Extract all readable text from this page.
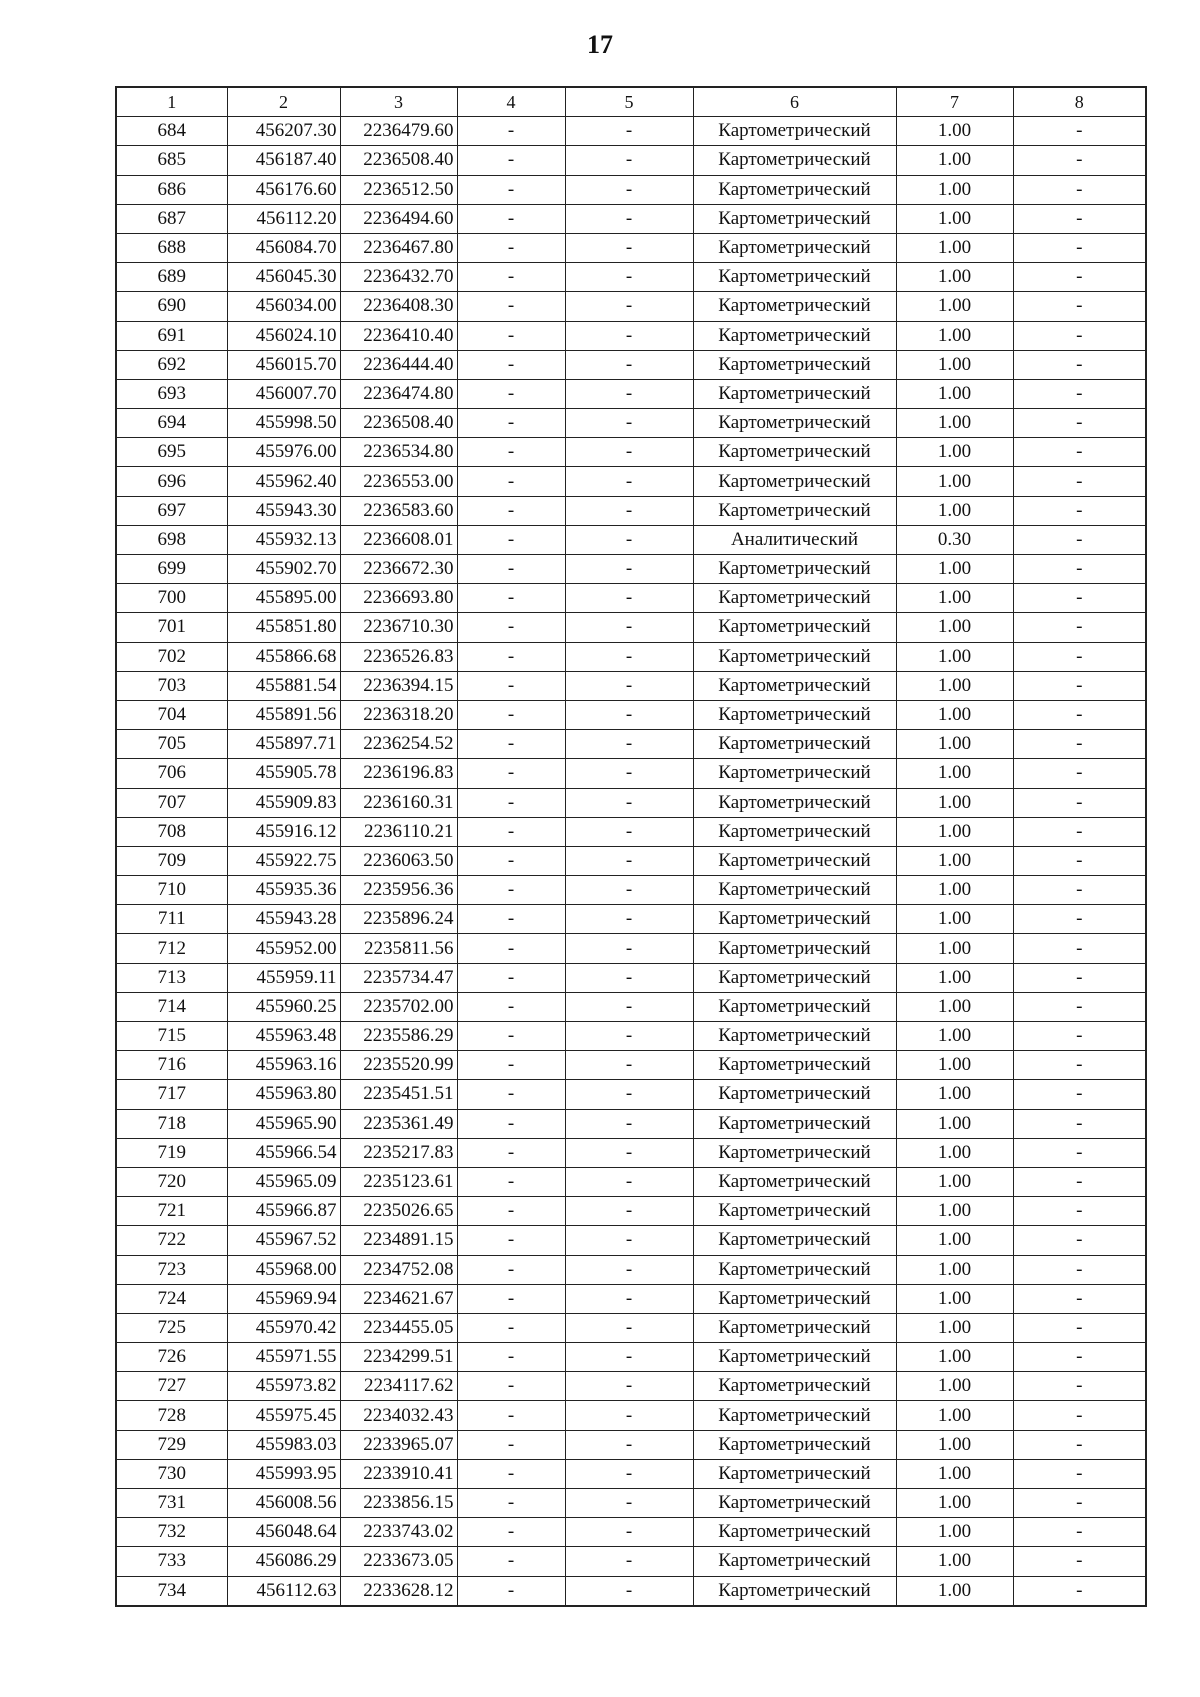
17
1	2	3	4	5	6	7	8
684	456207.30	2236479.60	-	-	Картометрический	1.00	-
685	456187.40	2236508.40	-	-	Картометрический	1.00	-
686	456176.60	2236512.50	-	-	Картометрический	1.00	-
687	456112.20	2236494.60	-	-	Картометрический	1.00	-
688	456084.70	2236467.80	-	-	Картометрический	1.00	-
689	456045.30	2236432.70	-	-	Картометрический	1.00	-
690	456034.00	2236408.30	-	-	Картометрический	1.00	-
691	456024.10	2236410.40	-	-	Картометрический	1.00	-
692	456015.70	2236444.40	-	-	Картометрический	1.00	-
693	456007.70	2236474.80	-	-	Картометрический	1.00	-
694	455998.50	2236508.40	-	-	Картометрический	1.00	-
695	455976.00	2236534.80	-	-	Картометрический	1.00	-
696	455962.40	2236553.00	-	-	Картометрический	1.00	-
697	455943.30	2236583.60	-	-	Картометрический	1.00	-
698	455932.13	2236608.01	-	-	Аналитический	0.30	-
699	455902.70	2236672.30	-	-	Картометрический	1.00	-
700	455895.00	2236693.80	-	-	Картометрический	1.00	-
701	455851.80	2236710.30	-	-	Картометрический	1.00	-
702	455866.68	2236526.83	-	-	Картометрический	1.00	-
703	455881.54	2236394.15	-	-	Картометрический	1.00	-
704	455891.56	2236318.20	-	-	Картометрический	1.00	-
705	455897.71	2236254.52	-	-	Картометрический	1.00	-
706	455905.78	2236196.83	-	-	Картометрический	1.00	-
707	455909.83	2236160.31	-	-	Картометрический	1.00	-
708	455916.12	2236110.21	-	-	Картометрический	1.00	-
709	455922.75	2236063.50	-	-	Картометрический	1.00	-
710	455935.36	2235956.36	-	-	Картометрический	1.00	-
711	455943.28	2235896.24	-	-	Картометрический	1.00	-
712	455952.00	2235811.56	-	-	Картометрический	1.00	-
713	455959.11	2235734.47	-	-	Картометрический	1.00	-
714	455960.25	2235702.00	-	-	Картометрический	1.00	-
715	455963.48	2235586.29	-	-	Картометрический	1.00	-
716	455963.16	2235520.99	-	-	Картометрический	1.00	-
717	455963.80	2235451.51	-	-	Картометрический	1.00	-
718	455965.90	2235361.49	-	-	Картометрический	1.00	-
719	455966.54	2235217.83	-	-	Картометрический	1.00	-
720	455965.09	2235123.61	-	-	Картометрический	1.00	-
721	455966.87	2235026.65	-	-	Картометрический	1.00	-
722	455967.52	2234891.15	-	-	Картометрический	1.00	-
723	455968.00	2234752.08	-	-	Картометрический	1.00	-
724	455969.94	2234621.67	-	-	Картометрический	1.00	-
725	455970.42	2234455.05	-	-	Картометрический	1.00	-
726	455971.55	2234299.51	-	-	Картометрический	1.00	-
727	455973.82	2234117.62	-	-	Картометрический	1.00	-
728	455975.45	2234032.43	-	-	Картометрический	1.00	-
729	455983.03	2233965.07	-	-	Картометрический	1.00	-
730	455993.95	2233910.41	-	-	Картометрический	1.00	-
731	456008.56	2233856.15	-	-	Картометрический	1.00	-
732	456048.64	2233743.02	-	-	Картометрический	1.00	-
733	456086.29	2233673.05	-	-	Картометрический	1.00	-
734	456112.63	2233628.12	-	-	Картометрический	1.00	-
